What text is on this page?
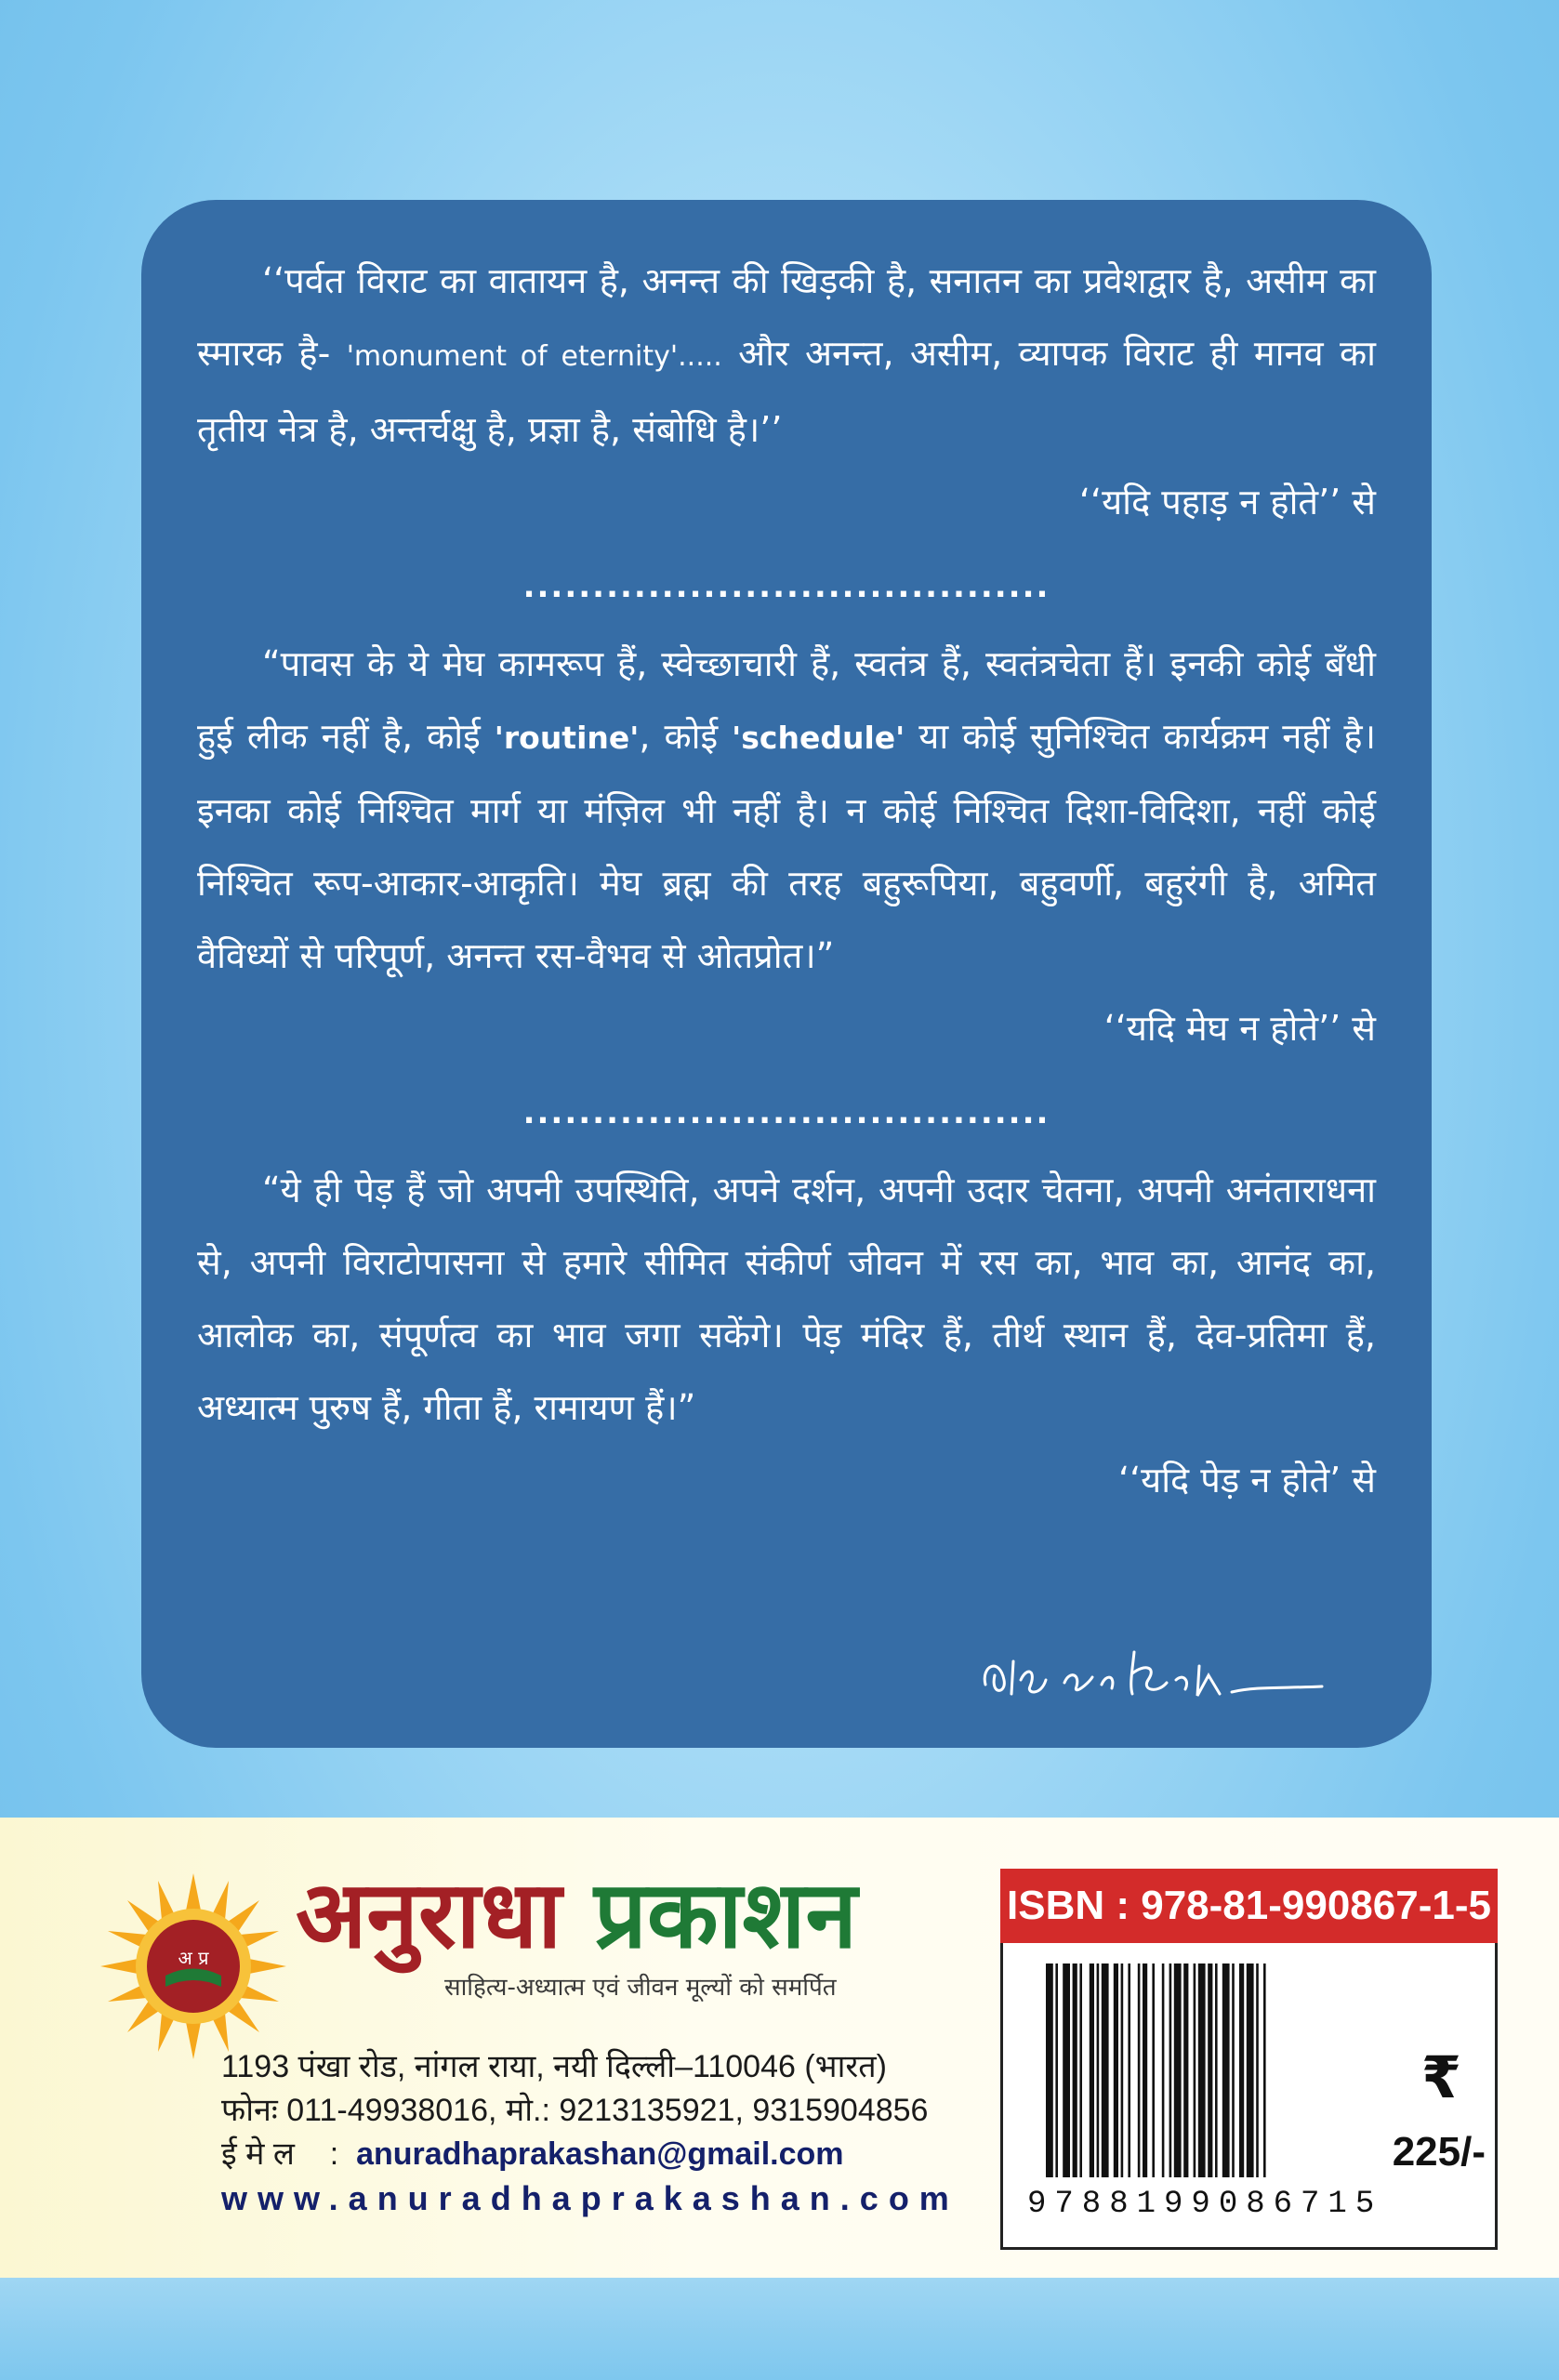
‘‘पर्वत विराट का वातायन है, अनन्त की खिड़की है, सनातन का प्रवेशद्वार है, असीम का स्मारक है- 'monument of eternity'..... और अनन्त, असीम, व्यापक विराट ही मानव का तृतीय नेत्र है, अन्तर्चक्षु है, प्रज्ञा है, संबोधि है।’’

‘‘यदि पहाड़ न होते’’ से

......................................

“पावस के ये मेघ कामरूप हैं, स्वेच्छाचारी हैं, स्वतंत्र हैं, स्वतंत्रचेता हैं। इनकी कोई बँधी हुई लीक नहीं है, कोई 'routine', कोई 'schedule' या कोई सुनिश्चित कार्यक्रम नहीं है। इनका कोई निश्चित मार्ग या मंज़िल भी नहीं है। न कोई निश्चित दिशा-विदिशा, नहीं कोई निश्चित रूप-आकार-आकृति। मेघ ब्रह्म की तरह बहुरूपिया, बहुवर्णी, बहुरंगी है, अमित वैविध्यों से परिपूर्ण, अनन्त रस-वैभव से ओतप्रोत।”

‘‘यदि मेघ न होते’’ से

......................................

“ये ही पेड़ हैं जो अपनी उपस्थिति, अपने दर्शन, अपनी उदार चेतना, अपनी अनंताराधना से, अपनी विराटोपासना से हमारे सीमित संकीर्ण जीवन में रस का, भाव का, आनंद का, आलोक का, संपूर्णत्व का भाव जगा सकेंगे। पेड़ मंदिर हैं, तीर्थ स्थान हैं, देव-प्रतिमा हैं, अध्यात्म पुरुष हैं, गीता हैं, रामायण हैं।”

‘‘यदि पेड़ न होते’ से

अ प्र अनुराधा प्रकाशन
साहित्य-अध्यात्म एवं जीवन मूल्यों को समर्पित
1193 पंखा रोड, नांगल राया, नयी दिल्ली–110046 (भारत)
फोनः 011-49938016, मो.: 9213135921, 9315904856
ई मे ल    :  anuradhaprakashan@gmail.com
www.anuradhaprakashan.com
ISBN : 978-81-990867-1-5
9788199086715
₹
225/-
